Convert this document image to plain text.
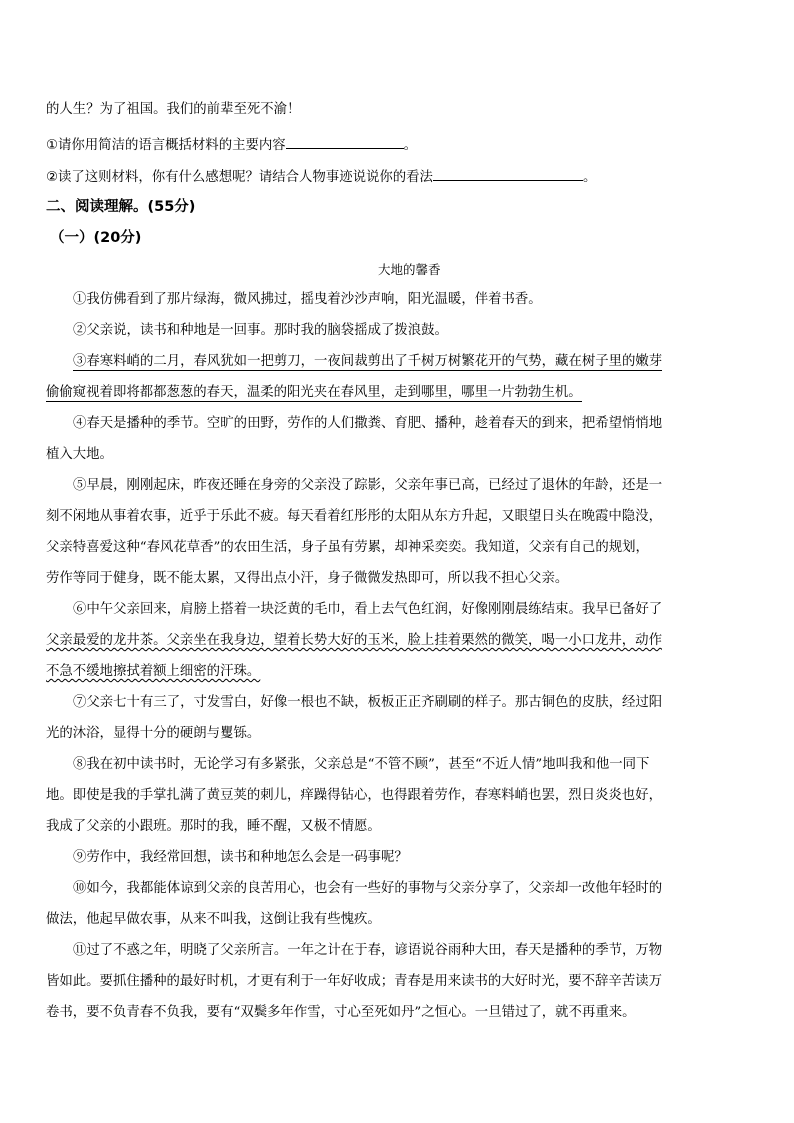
的人生？为了祖国。我们的前辈至死不渝！
①请你用简洁的语言概括材料的主要内容	。
②读了这则材料，你有什么感想呢？请结合人物事迹说说你的看法	。
二、阅读理解。(55分)
（一）(20分)
大地的馨香
①我仿佛看到了那片绿海，微风拂过，摇曳着沙沙声响，阳光温暖，伴着书香。
②父亲说，读书和种地是一回事。那时我的脑袋摇成了拨浪鼓。
③春寒料峭的二月，春风犹如一把剪刀，一夜间裁剪出了千树万树繁花开的气势，藏在树子里的嫩芽
偷偷窥视着即将都都葱葱的春天，温柔的阳光夹在春风里，走到哪里，哪里一片勃勃生机。
④春天是播种的季节。空旷的田野，劳作的人们撒粪、育肥、播种，趁着春天的到来，把希望悄悄地
植入大地。
⑤早晨，刚刚起床，昨夜还睡在身旁的父亲没了踪影，父亲年事已高，已经过了退休的年龄，还是一
刻不闲地从事着农事，近乎于乐此不疲。每天看着红彤彤的太阳从东方升起，又眼望日头在晚霞中隐没，
父亲特喜爱这种“春风花草香”的农田生活，身子虽有劳累，却神采奕奕。我知道，父亲有自己的规划，
劳作等同于健身，既不能太累，又得出点小汗，身子微微发热即可，所以我不担心父亲。
⑥中午父亲回来，肩膀上搭着一块泛黄的毛巾，看上去气色红润，好像刚刚晨练结束。我早已备好了
父亲最爱的龙井茶。父亲坐在我身边，望着长势大好的玉米，脸上挂着栗然的微笑，喝一小口龙井，动作
不急不缓地擦拭着额上细密的汗珠。
⑦父亲七十有三了，寸发雪白，好像一根也不缺，板板正正齐刷刷的样子。那古铜色的皮肤，经过阳
光的沐浴，显得十分的硬朗与矍铄。
⑧我在初中读书时，无论学习有多紧张，父亲总是“不管不顾”，甚至“不近人情”地叫我和他一同下
地。即使是我的手掌扎满了黄豆荚的刺儿，痒躁得钻心，也得跟着劳作，春寒料峭也罢，烈日炎炎也好，
我成了父亲的小跟班。那时的我，睡不醒，又极不情愿。
⑨劳作中，我经常回想，读书和种地怎么会是一码事呢？
⑩如今，我都能体谅到父亲的良苦用心，也会有一些好的事物与父亲分享了，父亲却一改他年轻时的
做法，他起早做农事，从来不叫我，这倒让我有些愧疚。
⑪过了不惑之年，明晓了父亲所言。一年之计在于春，谚语说谷雨种大田，春天是播种的季节，万物
皆如此。要抓住播种的最好时机，才更有利于一年好收成；青春是用来读书的大好时光，要不辞辛苦读万
卷书，要不负青春不负我，要有“双鬓多年作雪，寸心至死如丹”之恒心。一旦错过了，就不再重来。
